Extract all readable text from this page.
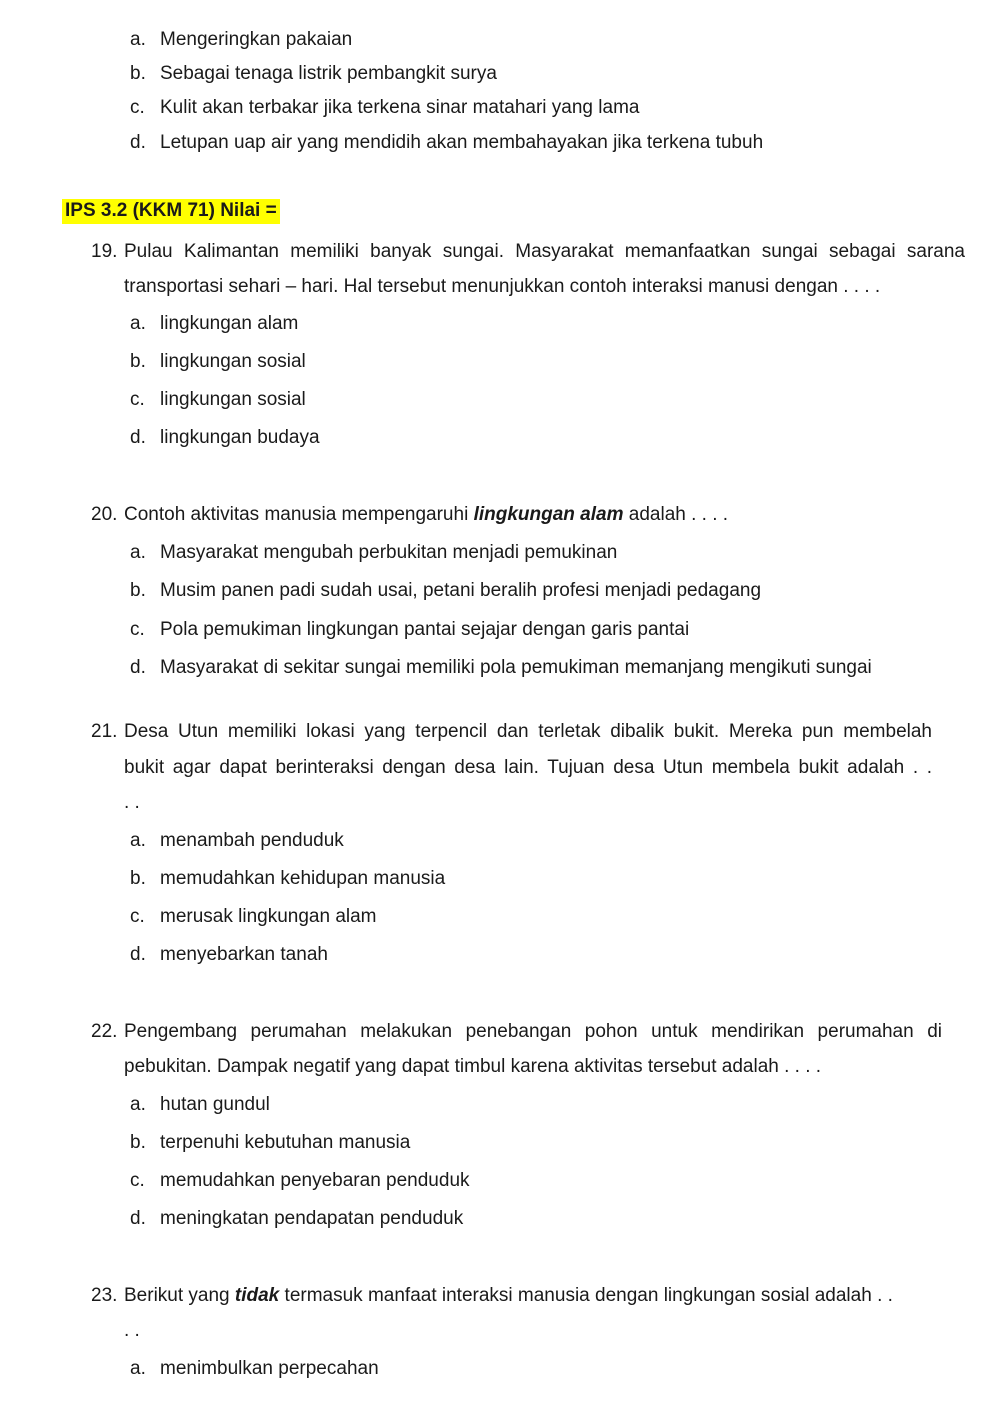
a. Mengeringkan pakaian
b. Sebagai tenaga listrik pembangkit surya
c. Kulit akan terbakar jika terkena sinar matahari yang lama
d. Letupan uap air yang mendidih akan membahayakan jika terkena tubuh
IPS 3.2 (KKM 71) Nilai =
19. Pulau Kalimantan memiliki banyak sungai. Masyarakat memanfaatkan sungai sebagai sarana
transportasi sehari – hari. Hal tersebut menunjukkan contoh interaksi manusi dengan . . . .
a. lingkungan alam
b. lingkungan sosial
c. lingkungan sosial
d. lingkungan budaya
20. Contoh aktivitas manusia mempengaruhi lingkungan alam adalah . . . .
a. Masyarakat mengubah perbukitan menjadi pemukinan
b. Musim panen padi sudah usai, petani beralih profesi menjadi pedagang
c. Pola pemukiman lingkungan pantai sejajar dengan garis pantai
d. Masyarakat di sekitar sungai memiliki pola pemukiman memanjang mengikuti sungai
21. Desa Utun memiliki lokasi yang terpencil dan terletak dibalik bukit. Mereka pun membelah
bukit agar dapat berinteraksi dengan desa lain. Tujuan desa Utun membela bukit adalah . .
. .
a. menambah penduduk
b. memudahkan kehidupan manusia
c. merusak lingkungan alam
d. menyebarkan tanah
22. Pengembang perumahan melakukan penebangan pohon untuk mendirikan perumahan di
pebukitan. Dampak negatif yang dapat timbul karena aktivitas tersebut adalah . . . .
a. hutan gundul
b. terpenuhi kebutuhan manusia
c. memudahkan penyebaran penduduk
d. meningkatan pendapatan penduduk
23. Berikut yang tidak termasuk manfaat interaksi manusia dengan lingkungan sosial adalah . .
. .
a. menimbulkan perpecahan
